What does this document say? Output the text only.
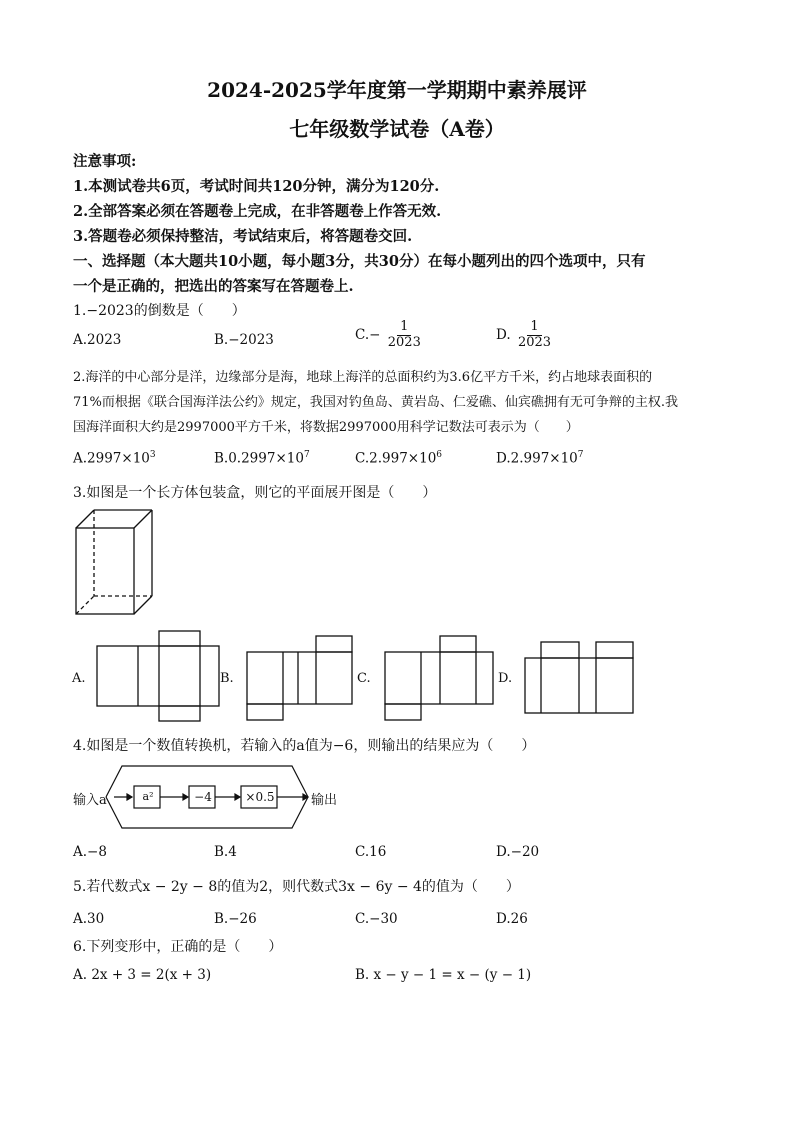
2024-2025学年度第一学期期中素养展评
七年级数学试卷（A卷）
注意事项:
1.本测试卷共6页，考试时间共120分钟，满分为120分.
2.全部答案必须在答题卷上完成，在非答题卷上作答无效.
3.答题卷必须保持整洁，考试结束后，将答题卷交回.
一、选择题（本大题共10小题，每小题3分，共30分）在每小题列出的四个选项中，只有
一个是正确的，把选出的答案写在答题卷上.
1.−2023的倒数是（　　）
A.2023	B.−2023	$C.- \frac{1}{2023}$	D. $\frac{1}{2023}$
2.海洋的中心部分是洋，边缘部分是海，地球上海洋的总面积约为3.6亿平方千米，约占地球表面积的
71%而根据《联合国海洋法公约》规定，我国对钓鱼岛、黄岩岛、仁爱礁、仙宾礁拥有无可争辩的主权.我
国海洋面积大约是2997000平方千米，将数据2997000用科学记数法可表示为（　　）
$A.2997\times 10^3$	$B.0.2997\times 10^7$	$C.2.997\times 10^6$	$D.2.997\times 10^7$
3.如图是一个长方体包装盒，则它的平面展开图是（　　）
A.	B.	C.	D.
4.如图是一个数值转换机，若输入的a值为−6，则输出的结果应为（　　）
输入a	a²	−4	×0.5	输出
A.−8	B.4	C.16	D.−20
5.若代数式x − 2y − 8的值为2，则代数式3x − 6y − 4的值为（　　）
A.30	B.−26	C.−30	D.26
6.下列变形中，正确的是（　　）
A. 2x + 3 = 2(x + 3)	B. x − y − 1 = x − (y − 1)
